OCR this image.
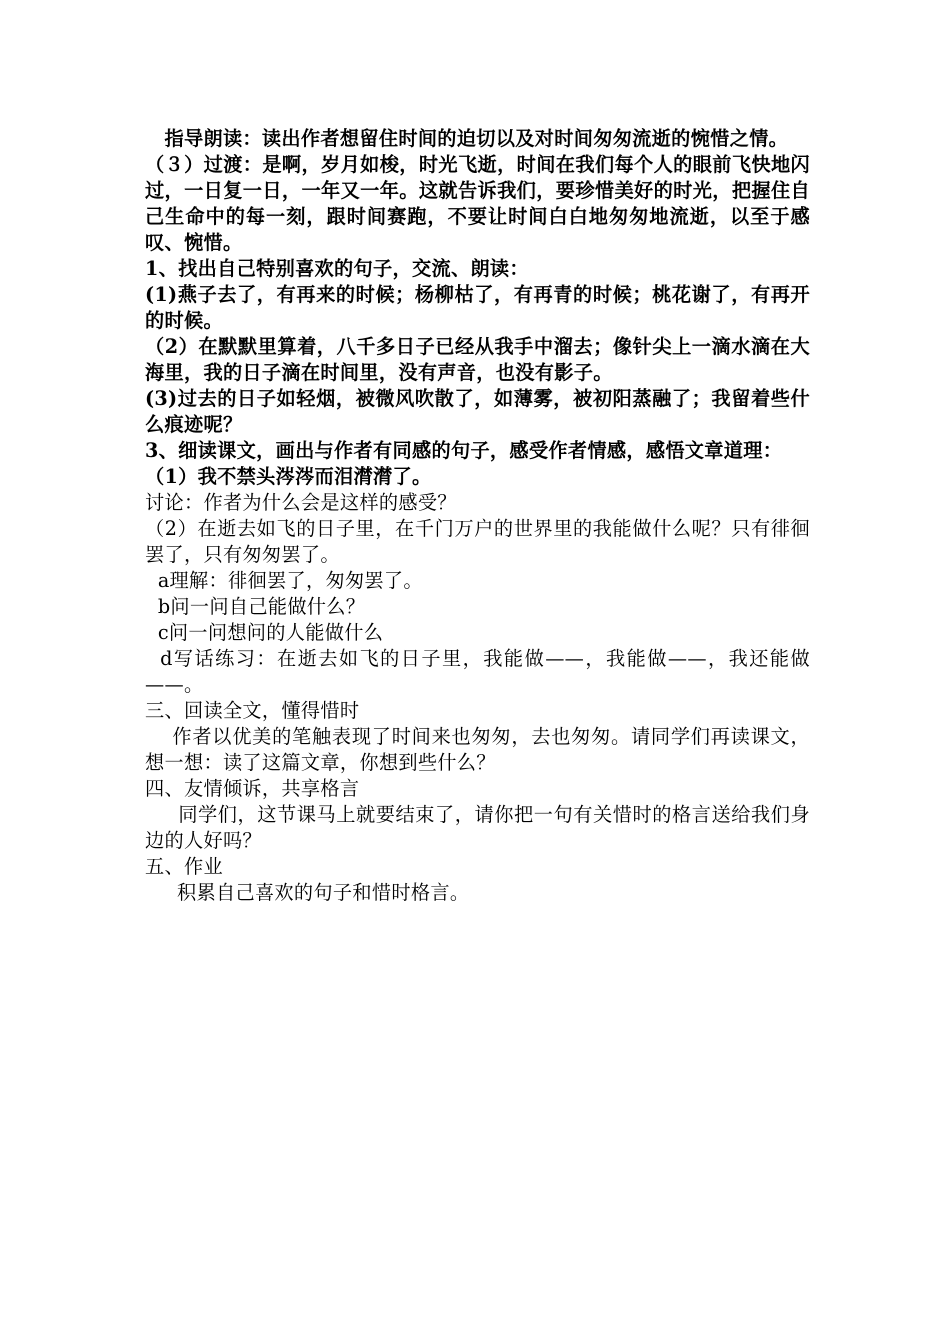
　指导朗读：读出作者想留住时间的迫切以及对时间匆匆流逝的惋惜之情。

（３）过渡：是啊，岁月如梭，时光飞逝，时间在我们每个人的眼前飞快地闪过，一日复一日，一年又一年。这就告诉我们，要珍惜美好的时光，把握住自己生命中的每一刻，跟时间赛跑，不要让时间白白地匆匆地流逝，以至于感叹、惋惜。

1、找出自己特别喜欢的句子，交流、朗读：

(1)燕子去了，有再来的时候；杨柳枯了，有再青的时候；桃花谢了，有再开的时候。

（2）在默默里算着，八千多日子已经从我手中溜去；像针尖上一滴水滴在大海里，我的日子滴在时间里，没有声音，也没有影子。

(3)过去的日子如轻烟，被微风吹散了，如薄雾，被初阳蒸融了；我留着些什么痕迹呢？

3、细读课文，画出与作者有同感的句子，感受作者情感，感悟文章道理：

（1）我不禁头涔涔而泪潸潸了。

讨论：作者为什么会是这样的感受？

（2）在逝去如飞的日子里，在千门万户的世界里的我能做什么呢？只有徘徊罢了，只有匆匆罢了。

a理解：徘徊罢了，匆匆罢了。

b问一问自己能做什么？

c问一问想问的人能做什么

d写话练习：在逝去如飞的日子里，我能做——，我能做——，我还能做——。

三、回读全文，懂得惜时

作者以优美的笔触表现了时间来也匆匆，去也匆匆。请同学们再读课文，想一想：读了这篇文章，你想到些什么？

四、友情倾诉，共享格言

同学们，这节课马上就要结束了，请你把一句有关惜时的格言送给我们身边的人好吗？

五、作业

积累自己喜欢的句子和惜时格言。
